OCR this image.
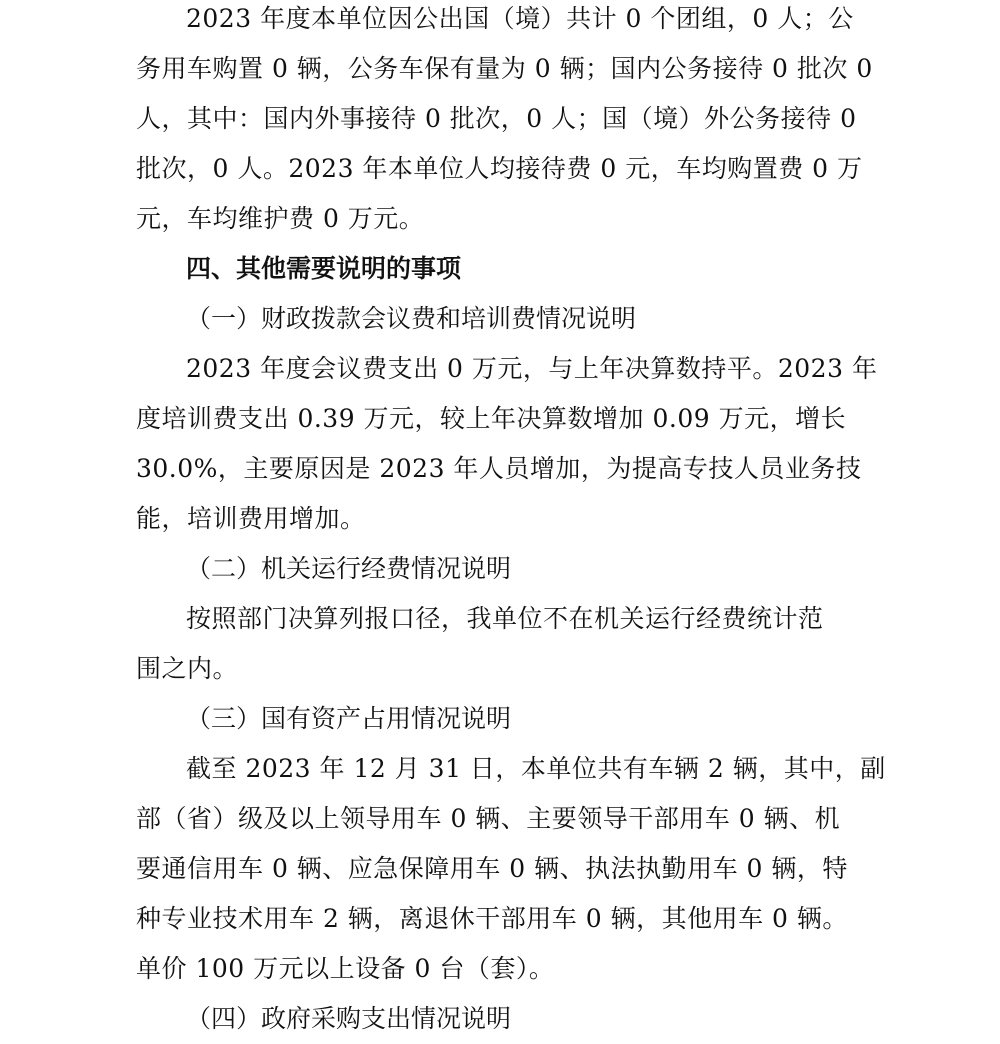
2023 年度本单位因公出国（境）共计 0 个团组，0 人；公
务用车购置 0 辆，公务车保有量为 0 辆；国内公务接待 0 批次 0
人，其中：国内外事接待 0 批次，0 人；国（境）外公务接待 0
批次，0 人。2023 年本单位人均接待费 0 元，车均购置费 0 万
元，车均维护费 0 万元。
四、其他需要说明的事项
（一）财政拨款会议费和培训费情况说明
2023 年度会议费支出 0 万元，与上年决算数持平。2023 年
度培训费支出 0.39 万元，较上年决算数增加 0.09 万元，增长
30.0%，主要原因是 2023 年人员增加，为提高专技人员业务技
能，培训费用增加。
（二）机关运行经费情况说明
按照部门决算列报口径，我单位不在机关运行经费统计范
围之内。
（三）国有资产占用情况说明
截至 2023 年 12 月 31 日，本单位共有车辆 2 辆，其中，副
部（省）级及以上领导用车 0 辆、主要领导干部用车 0 辆、机
要通信用车 0 辆、应急保障用车 0 辆、执法执勤用车 0 辆，特
种专业技术用车 2 辆，离退休干部用车 0 辆，其他用车 0 辆。
单价 100 万元以上设备 0 台（套）。
（四）政府采购支出情况说明
